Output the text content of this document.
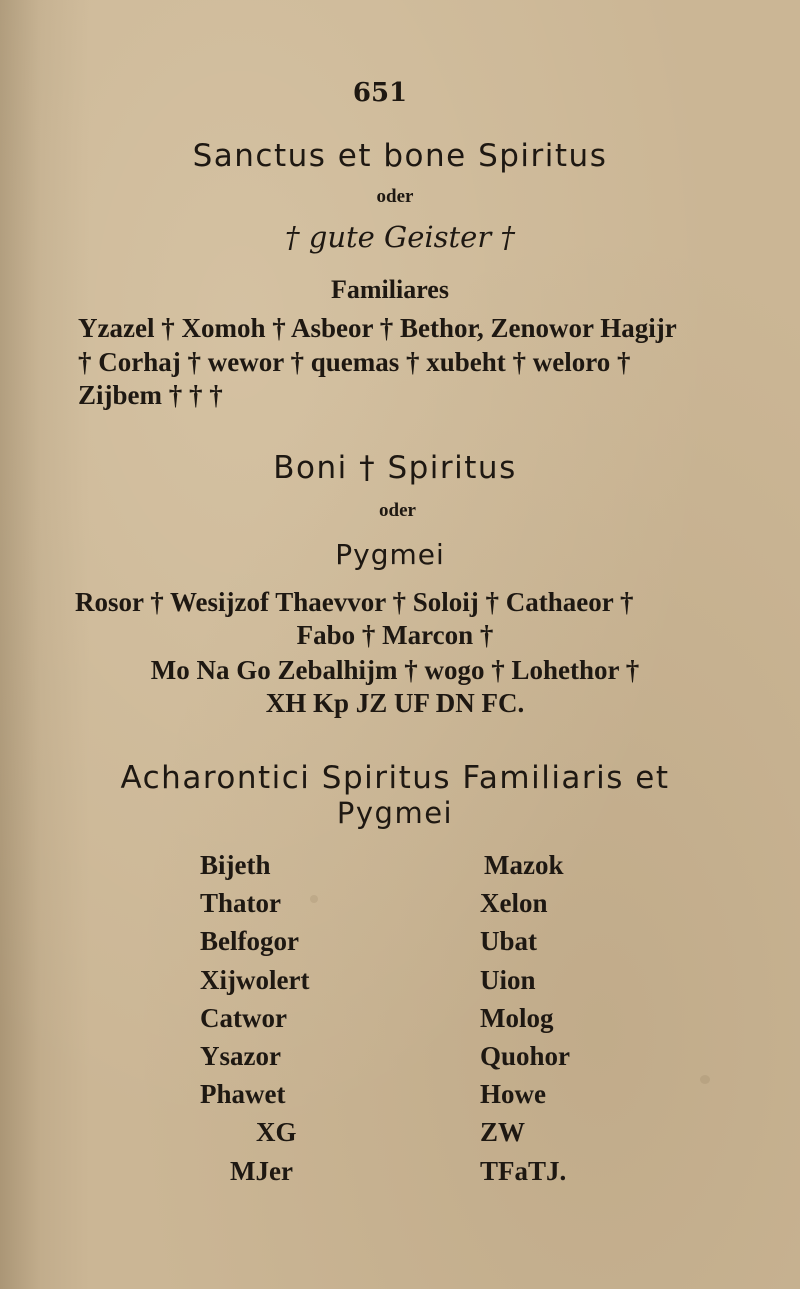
651
Sanctus et bone Spiritus
oder
† gute Geister †
Familiares
Yzazel † Xomoh † Asbeor † Bethor, Zenowor Hagijr
† Corhaj † wewor † quemas † xubeht † weloro †
Zijbem † † †
Boni † Spiritus
oder
Pygmei
Rosor † Wesijzof Thaevvor † Soloij † Cathaeor †
Fabo † Marcon †
Mo Na Go Zebalhijm † wogo † Lohethor †
XH Kp JZ UF DN FC.
Acharontici Spiritus Familiaris et
Pygmei
Bijeth
Thator
Belfogor
Xijwolert
Catwor
Ysazor
Phawet
XG
MJer
Mazok
Xelon
Ubat
Uion
Molog
Quohor
Howe
ZW
TFaTJ.
